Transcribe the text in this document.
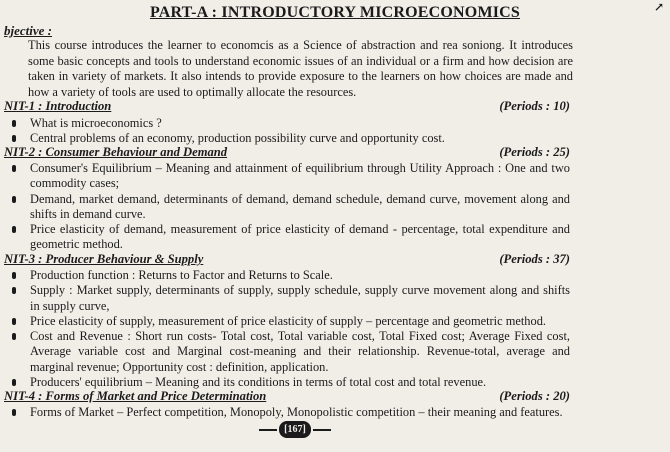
PART-A : INTRODUCTORY MICROECONOMICS	↗
bjective :
This course introduces the learner to economcis as a Science of abstraction and rea soniong. It introduces some basic concepts and tools to understand economic issues of an individual or a firm and how decision are taken in variety of markets. It also intends to provide exposure to the learners on how choices are made and how a variety of tools are used to optimally allocate the resources.
NIT-1 : Introduction	(Periods : 10)
What is microeconomics ?
Central problems of an economy, production possibility curve and opportunity cost.
NIT-2 : Consumer Behaviour and Demand	(Periods : 25)
Consumer's Equilibrium – Meaning and attainment of equilibrium through Utility Approach : One and two commodity cases;
Demand, market demand, determinants of demand, demand schedule, demand curve, movement along and shifts in demand curve.
Price elasticity of demand, measurement of price elasticity of demand - percentage, total expenditure and geometric method.
NIT-3 : Producer Behaviour & Supply	(Periods : 37)
Production function : Returns to Factor and Returns to Scale.
Supply : Market supply, determinants of supply, supply schedule, supply curve movement along and shifts in supply curve,
Price elasticity of supply, measurement of price elasticity of supply – percentage and geometric method.
Cost and Revenue : Short run costs- Total cost, Total variable cost, Total Fixed cost; Average Fixed cost, Average variable cost and Marginal cost-meaning and their relationship. Revenue-total, average and marginal revenue; Opportunity cost : definition, application.
Producers' equilibrium – Meaning and its conditions in terms of total cost and total revenue.
NIT-4 : Forms of Market and Price Determination	(Periods : 20)
Forms of Market – Perfect competition, Monopoly, Monopolistic competition – their meaning and features.
[167]
